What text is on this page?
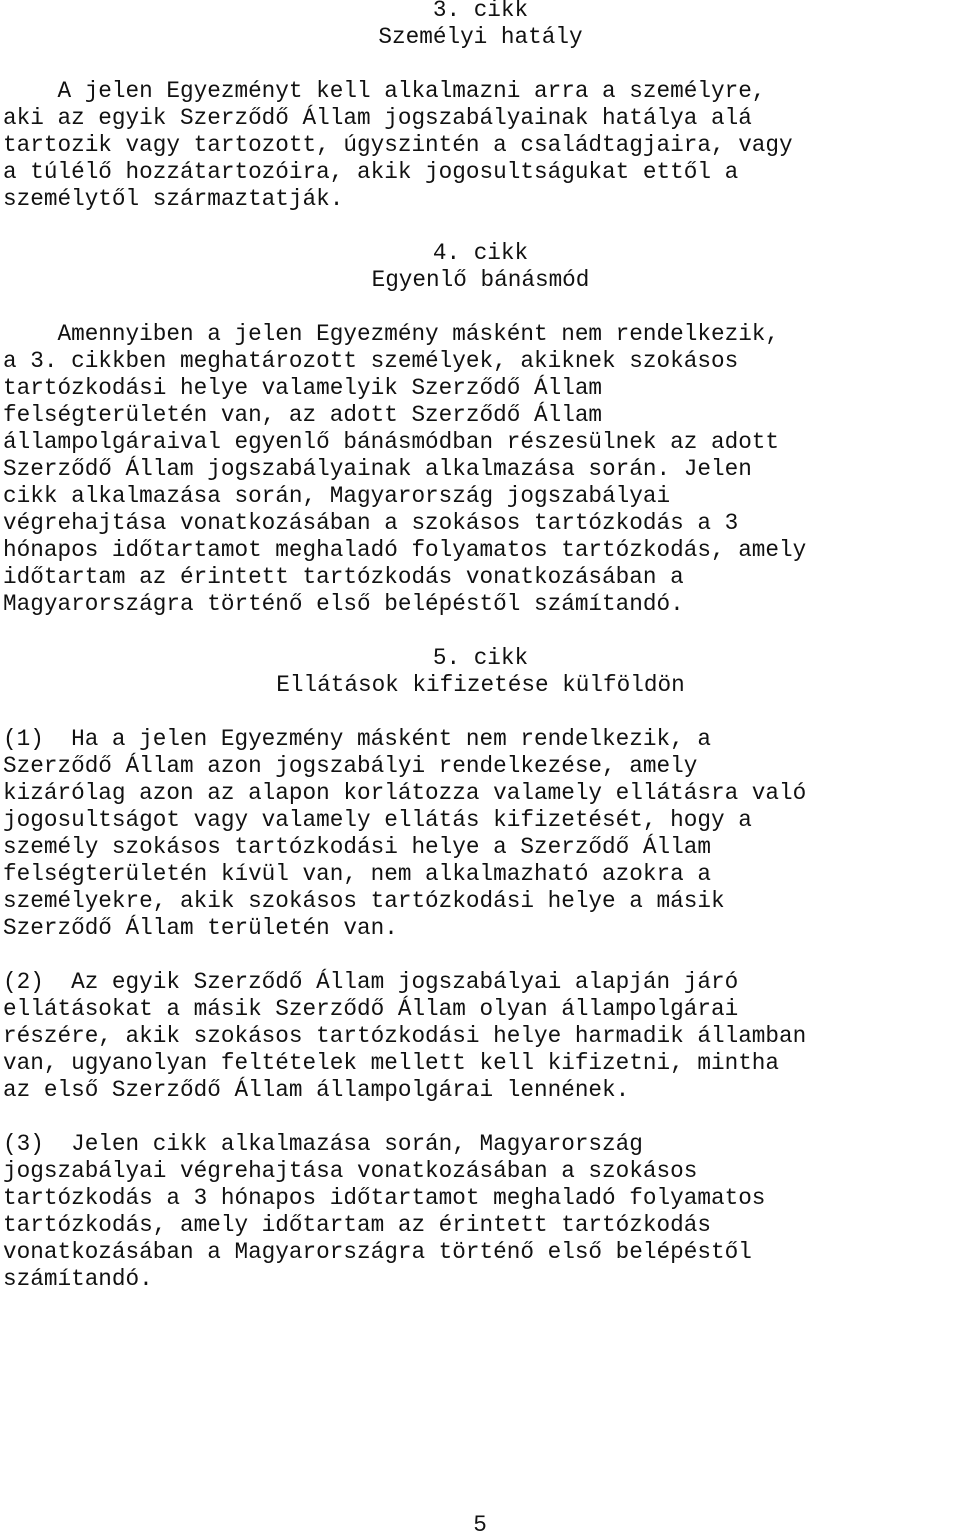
3. cikk
Személyi hatály
A jelen Egyezményt kell alkalmazni arra a személyre,
aki az egyik Szerződő Állam jogszabályainak hatálya alá
tartozik vagy tartozott, úgyszintén a családtagjaira, vagy
a túlélő hozzátartozóira, akik jogosultságukat ettől a
személytől származtatják.
4. cikk
Egyenlő bánásmód
Amennyiben a jelen Egyezmény másként nem rendelkezik,
a 3. cikkben meghatározott személyek, akiknek szokásos
tartózkodási helye valamelyik Szerződő Állam
felségterületén van, az adott Szerződő Állam
állampolgáraival egyenlő bánásmódban részesülnek az adott
Szerződő Állam jogszabályainak alkalmazása során. Jelen
cikk alkalmazása során, Magyarország jogszabályai
végrehajtása vonatkozásában a szokásos tartózkodás a 3
hónapos időtartamot meghaladó folyamatos tartózkodás, amely
időtartam az érintett tartózkodás vonatkozásában a
Magyarországra történő első belépéstől számítandó.
5. cikk
Ellátások kifizetése külföldön
(1)  Ha a jelen Egyezmény másként nem rendelkezik, a
Szerződő Állam azon jogszabályi rendelkezése, amely
kizárólag azon az alapon korlátozza valamely ellátásra való
jogosultságot vagy valamely ellátás kifizetését, hogy a
személy szokásos tartózkodási helye a Szerződő Állam
felségterületén kívül van, nem alkalmazható azokra a
személyekre, akik szokásos tartózkodási helye a másik
Szerződő Állam területén van.
(2)  Az egyik Szerződő Állam jogszabályai alapján járó
ellátásokat a másik Szerződő Állam olyan állampolgárai
részére, akik szokásos tartózkodási helye harmadik államban
van, ugyanolyan feltételek mellett kell kifizetni, mintha
az első Szerződő Állam állampolgárai lennének.
(3)  Jelen cikk alkalmazása során, Magyarország
jogszabályai végrehajtása vonatkozásában a szokásos
tartózkodás a 3 hónapos időtartamot meghaladó folyamatos
tartózkodás, amely időtartam az érintett tartózkodás
vonatkozásában a Magyarországra történő első belépéstől
számítandó.
5
